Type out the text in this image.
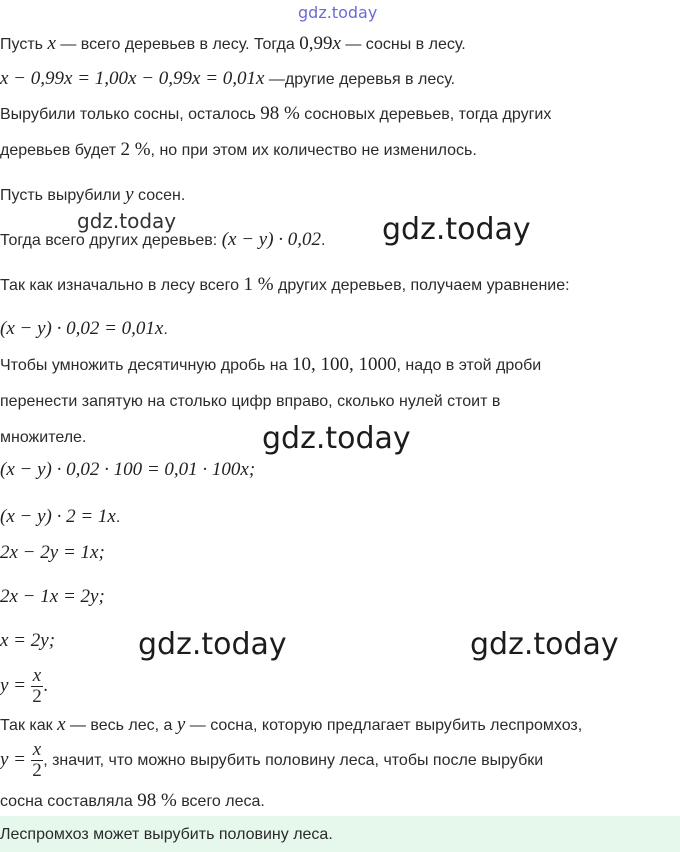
gdz.today
gdz.today	gdz.today
gdz.today
gdz.today	gdz.today
Пусть x — всего деревьев в лесу. Тогда 0,99x — сосны в лесу.
x − 0,99x = 1,00x − 0,99x = 0,01x —другие деревья в лесу.
Вырубили только сосны, осталось 98 % сосновых деревьев, тогда других
деревьев будет 2 %, но при этом их количество не изменилось.
Пусть вырубили y сосен.
Тогда всего других деревьев: (x − y) · 0,02.
Так как изначально в лесу всего 1 % других деревьев, получаем уравнение:
(x − y) · 0,02 = 0,01x.
Чтобы умножить десятичную дробь на 10, 100, 1000, надо в этой дроби
перенести запятую на столько цифр вправо, сколько нулей стоит в
множителе.
(x − y) · 0,02 · 100 = 0,01 · 100x;
(x − y) · 2 = 1x.
2x − 2y = 1x;
2x − 1x = 2y;
x = 2y;
$y = \frac{x}{2}$ .
Так как x — весь лес, а y — сосна, которую предлагает вырубить леспромхоз,
$y = \frac{x}{2}$ , значит, что можно вырубить половину леса, чтобы после вырубки
сосна составляла 98 % всего леса.
Леспромхоз может вырубить половину леса.
